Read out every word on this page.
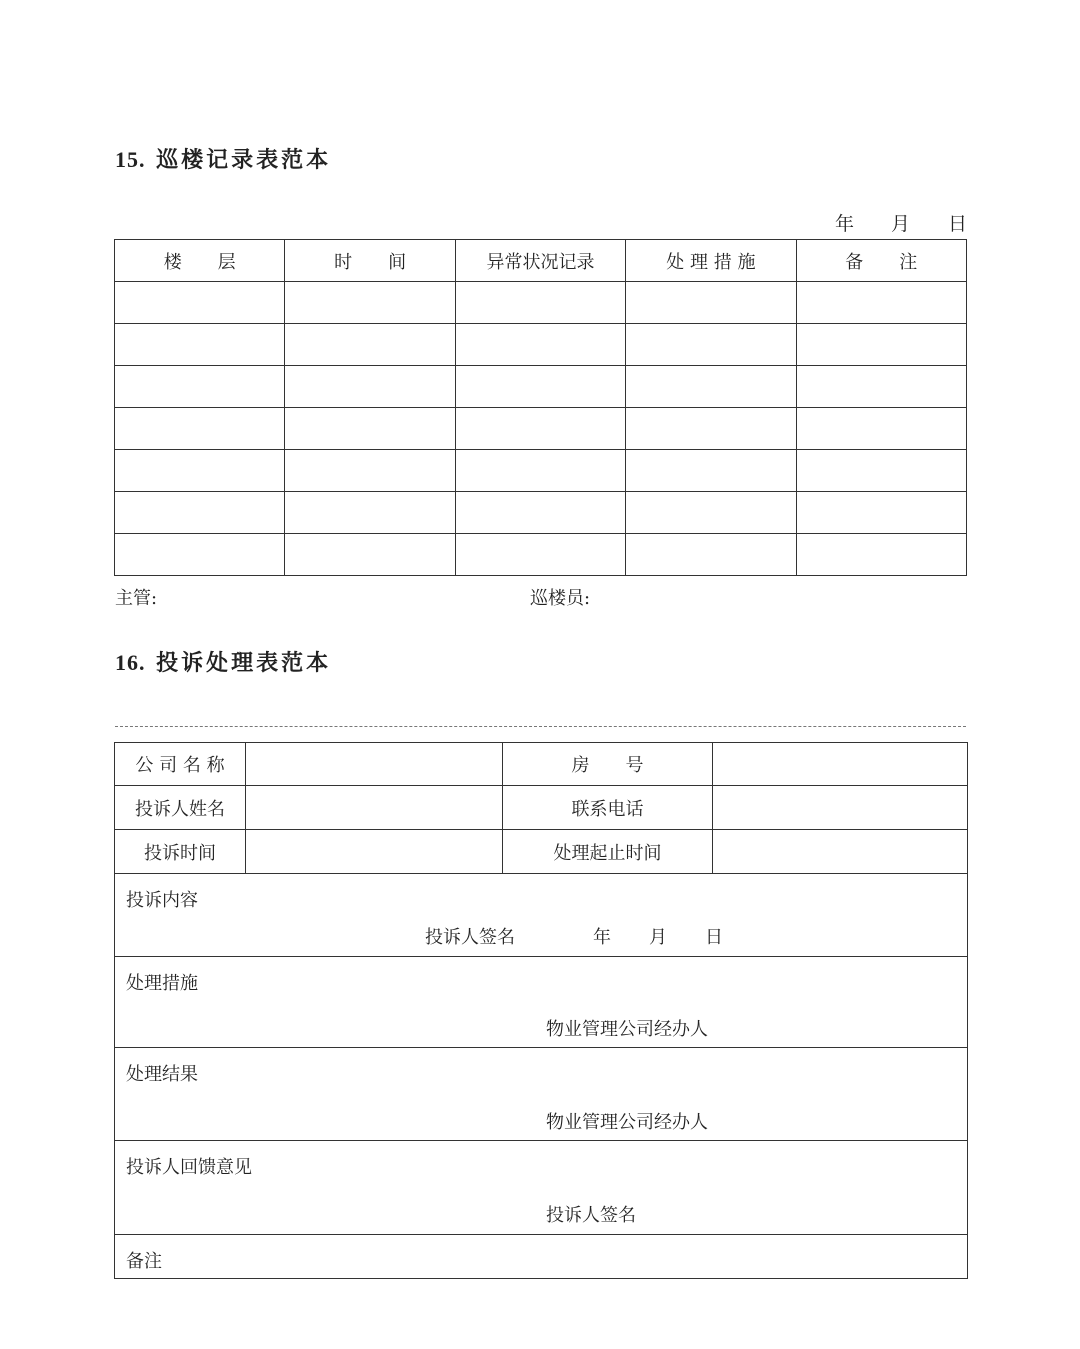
15. 巡楼记录表范本
年 月 日
楼　　层	时　　间	异常状况记录	处 理 措 施	备　　注

主管:	巡楼员:
16. 投诉处理表范本
公 司 名 称		房　　号	
投诉人姓名		联系电话	
投诉时间		处理起止时间	

投诉内容
投诉人签名 年 月 日			

处理措施
物业管理公司经办人			

处理结果
物业管理公司经办人			

投诉人回馈意见
投诉人签名			

备注			
